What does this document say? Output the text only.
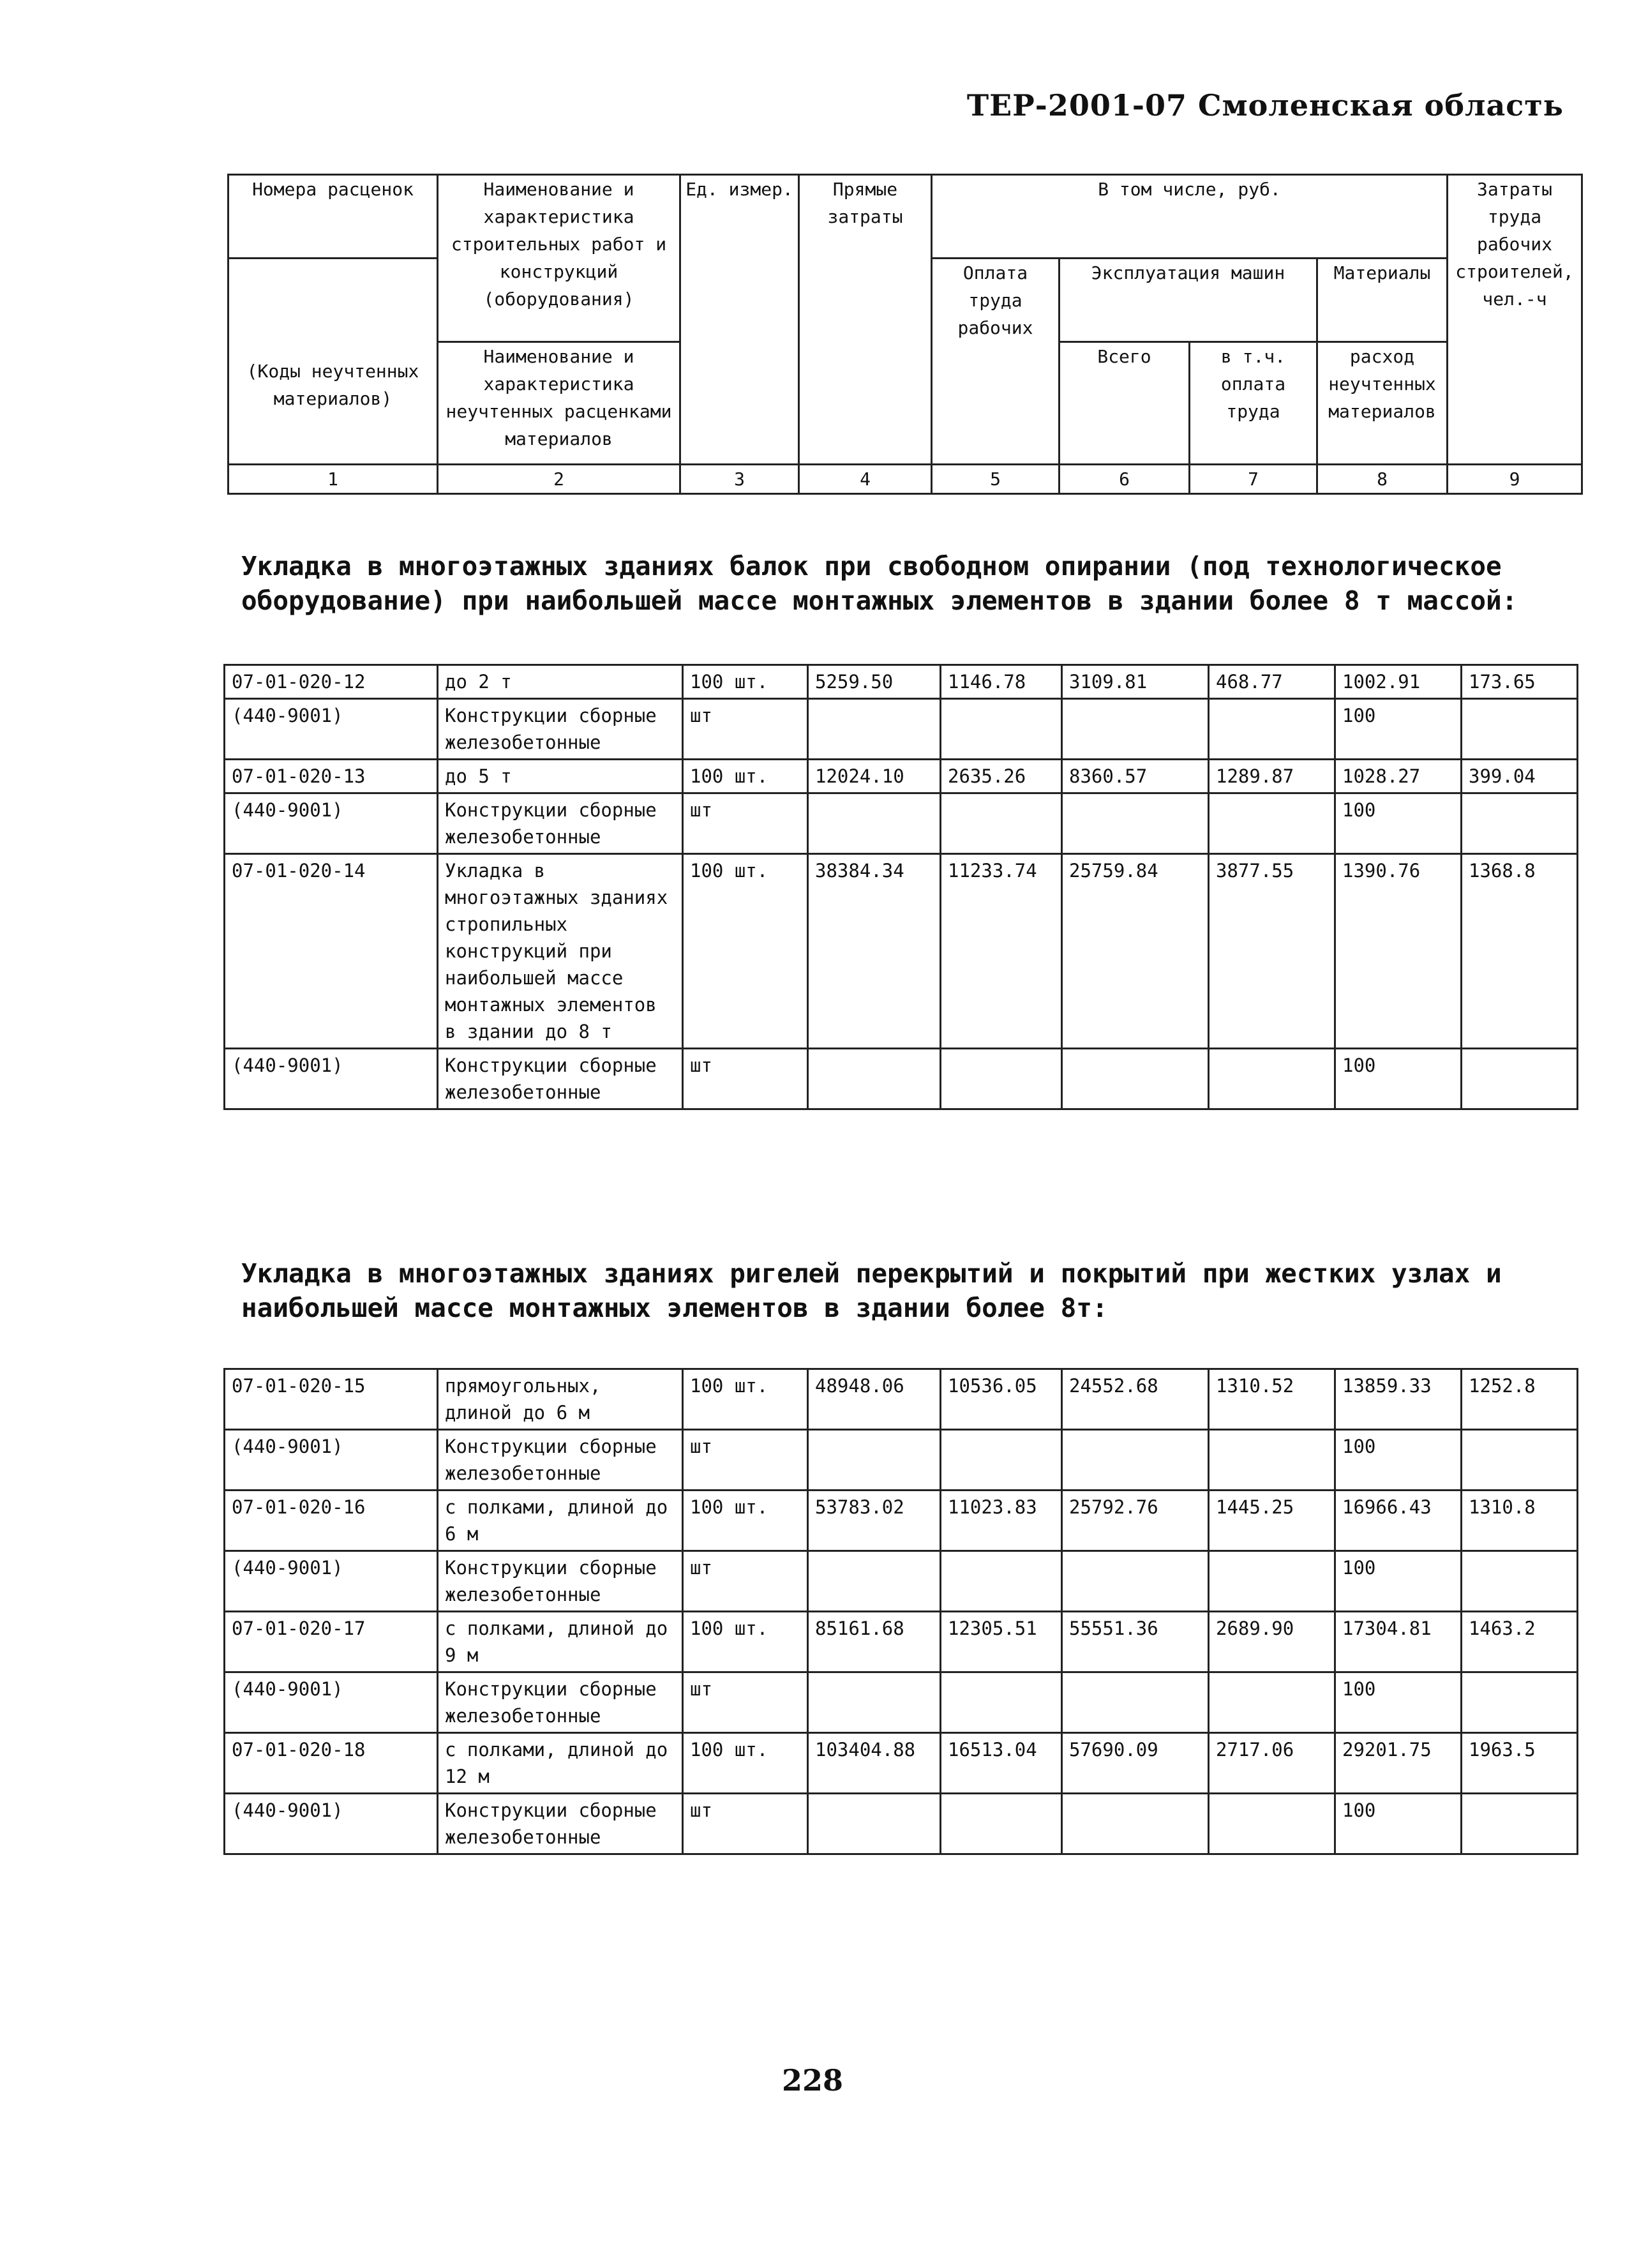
ТЕР-2001-07 Смоленская область
Номера расценок	Наименование и характеристика строительных работ и конструкций (оборудования)	Ед. измер.	Прямые затраты	В том числе, руб.				Затраты труда рабочих строителей, чел.-ч

(Коды неучтенных материалов)				Оплата труда рабочих	Эксплуатация машин		Материалы	
	Наименование и характеристика неучтенных расценками материалов				Всего	в т.ч. оплата труда	расход неучтенных материалов	

1	2	3	4	5	6	7	8	9

Укладка в многоэтажных зданиях балок при свободном опирании (под технологическое оборудование) при наибольшей массе монтажных элементов в здании более 8 т массой:

07-01-020-12	до 2 т	100 шт.	5259.50	1146.78	3109.81	468.77	1002.91	173.65
(440-9001)	Конструкции сборные железобетонные	шт					100	
07-01-020-13	до 5 т	100 шт.	12024.10	2635.26	8360.57	1289.87	1028.27	399.04
(440-9001)	Конструкции сборные железобетонные	шт					100	
07-01-020-14	Укладка в многоэтажных зданиях стропильных конструкций при наибольшей массе монтажных элементов в здании до 8 т	100 шт.	38384.34	11233.74	25759.84	3877.55	1390.76	1368.8
(440-9001)	Конструкции сборные железобетонные	шт					100	

Укладка в многоэтажных зданиях ригелей перекрытий и покрытий при жестких узлах и наибольшей массе монтажных элементов в здании более 8т:

07-01-020-15	прямоугольных, длиной до 6 м	100 шт.	48948.06	10536.05	24552.68	1310.52	13859.33	1252.8
(440-9001)	Конструкции сборные железобетонные	шт					100	
07-01-020-16	с полками, длиной до 6 м	100 шт.	53783.02	11023.83	25792.76	1445.25	16966.43	1310.8
(440-9001)	Конструкции сборные железобетонные	шт					100	
07-01-020-17	с полками, длиной до 9 м	100 шт.	85161.68	12305.51	55551.36	2689.90	17304.81	1463.2
(440-9001)	Конструкции сборные железобетонные	шт					100	
07-01-020-18	с полками, длиной до 12 м	100 шт.	103404.88	16513.04	57690.09	2717.06	29201.75	1963.5
(440-9001)	Конструкции сборные железобетонные	шт					100	
228
